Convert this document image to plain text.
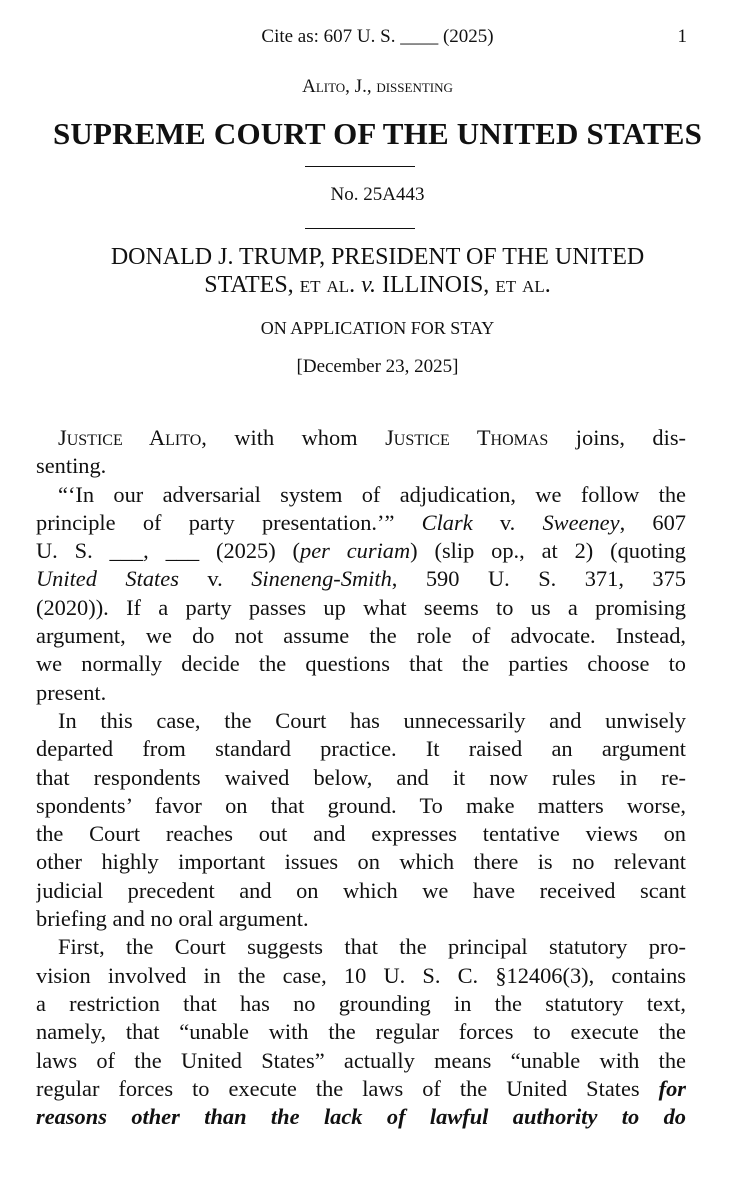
Cite as: 607 U. S. ____ (2025)	1
Alito, J., dissenting
SUPREME COURT OF THE UNITED STATES
No. 25A443
DONALD J. TRUMP, PRESIDENT OF THE UNITED
STATES, et al. v. ILLINOIS, et al.
ON APPLICATION FOR STAY
[December 23, 2025]
Justice Alito, with whom Justice Thomas joins, dis-
senting.
“‘In our adversarial system of adjudication, we follow the
principle of party presentation.’” Clark v. Sweeney, 607
U. S. ___, ___ (2025) (per curiam) (slip op., at 2) (quoting
United States v. Sineneng-Smith, 590 U. S. 371, 375
(2020)). If a party passes up what seems to us a promising
argument, we do not assume the role of advocate. Instead,
we normally decide the questions that the parties choose to
present.
In this case, the Court has unnecessarily and unwisely
departed from standard practice. It raised an argument
that respondents waived below, and it now rules in re-
spondents’ favor on that ground. To make matters worse,
the Court reaches out and expresses tentative views on
other highly important issues on which there is no relevant
judicial precedent and on which we have received scant
briefing and no oral argument.
First, the Court suggests that the principal statutory pro-
vision involved in the case, 10 U. S. C. §12406(3), contains
a restriction that has no grounding in the statutory text,
namely, that “unable with the regular forces to execute the
laws of the United States” actually means “unable with the
regular forces to execute the laws of the United States for
reasons other than the lack of lawful authority to do
